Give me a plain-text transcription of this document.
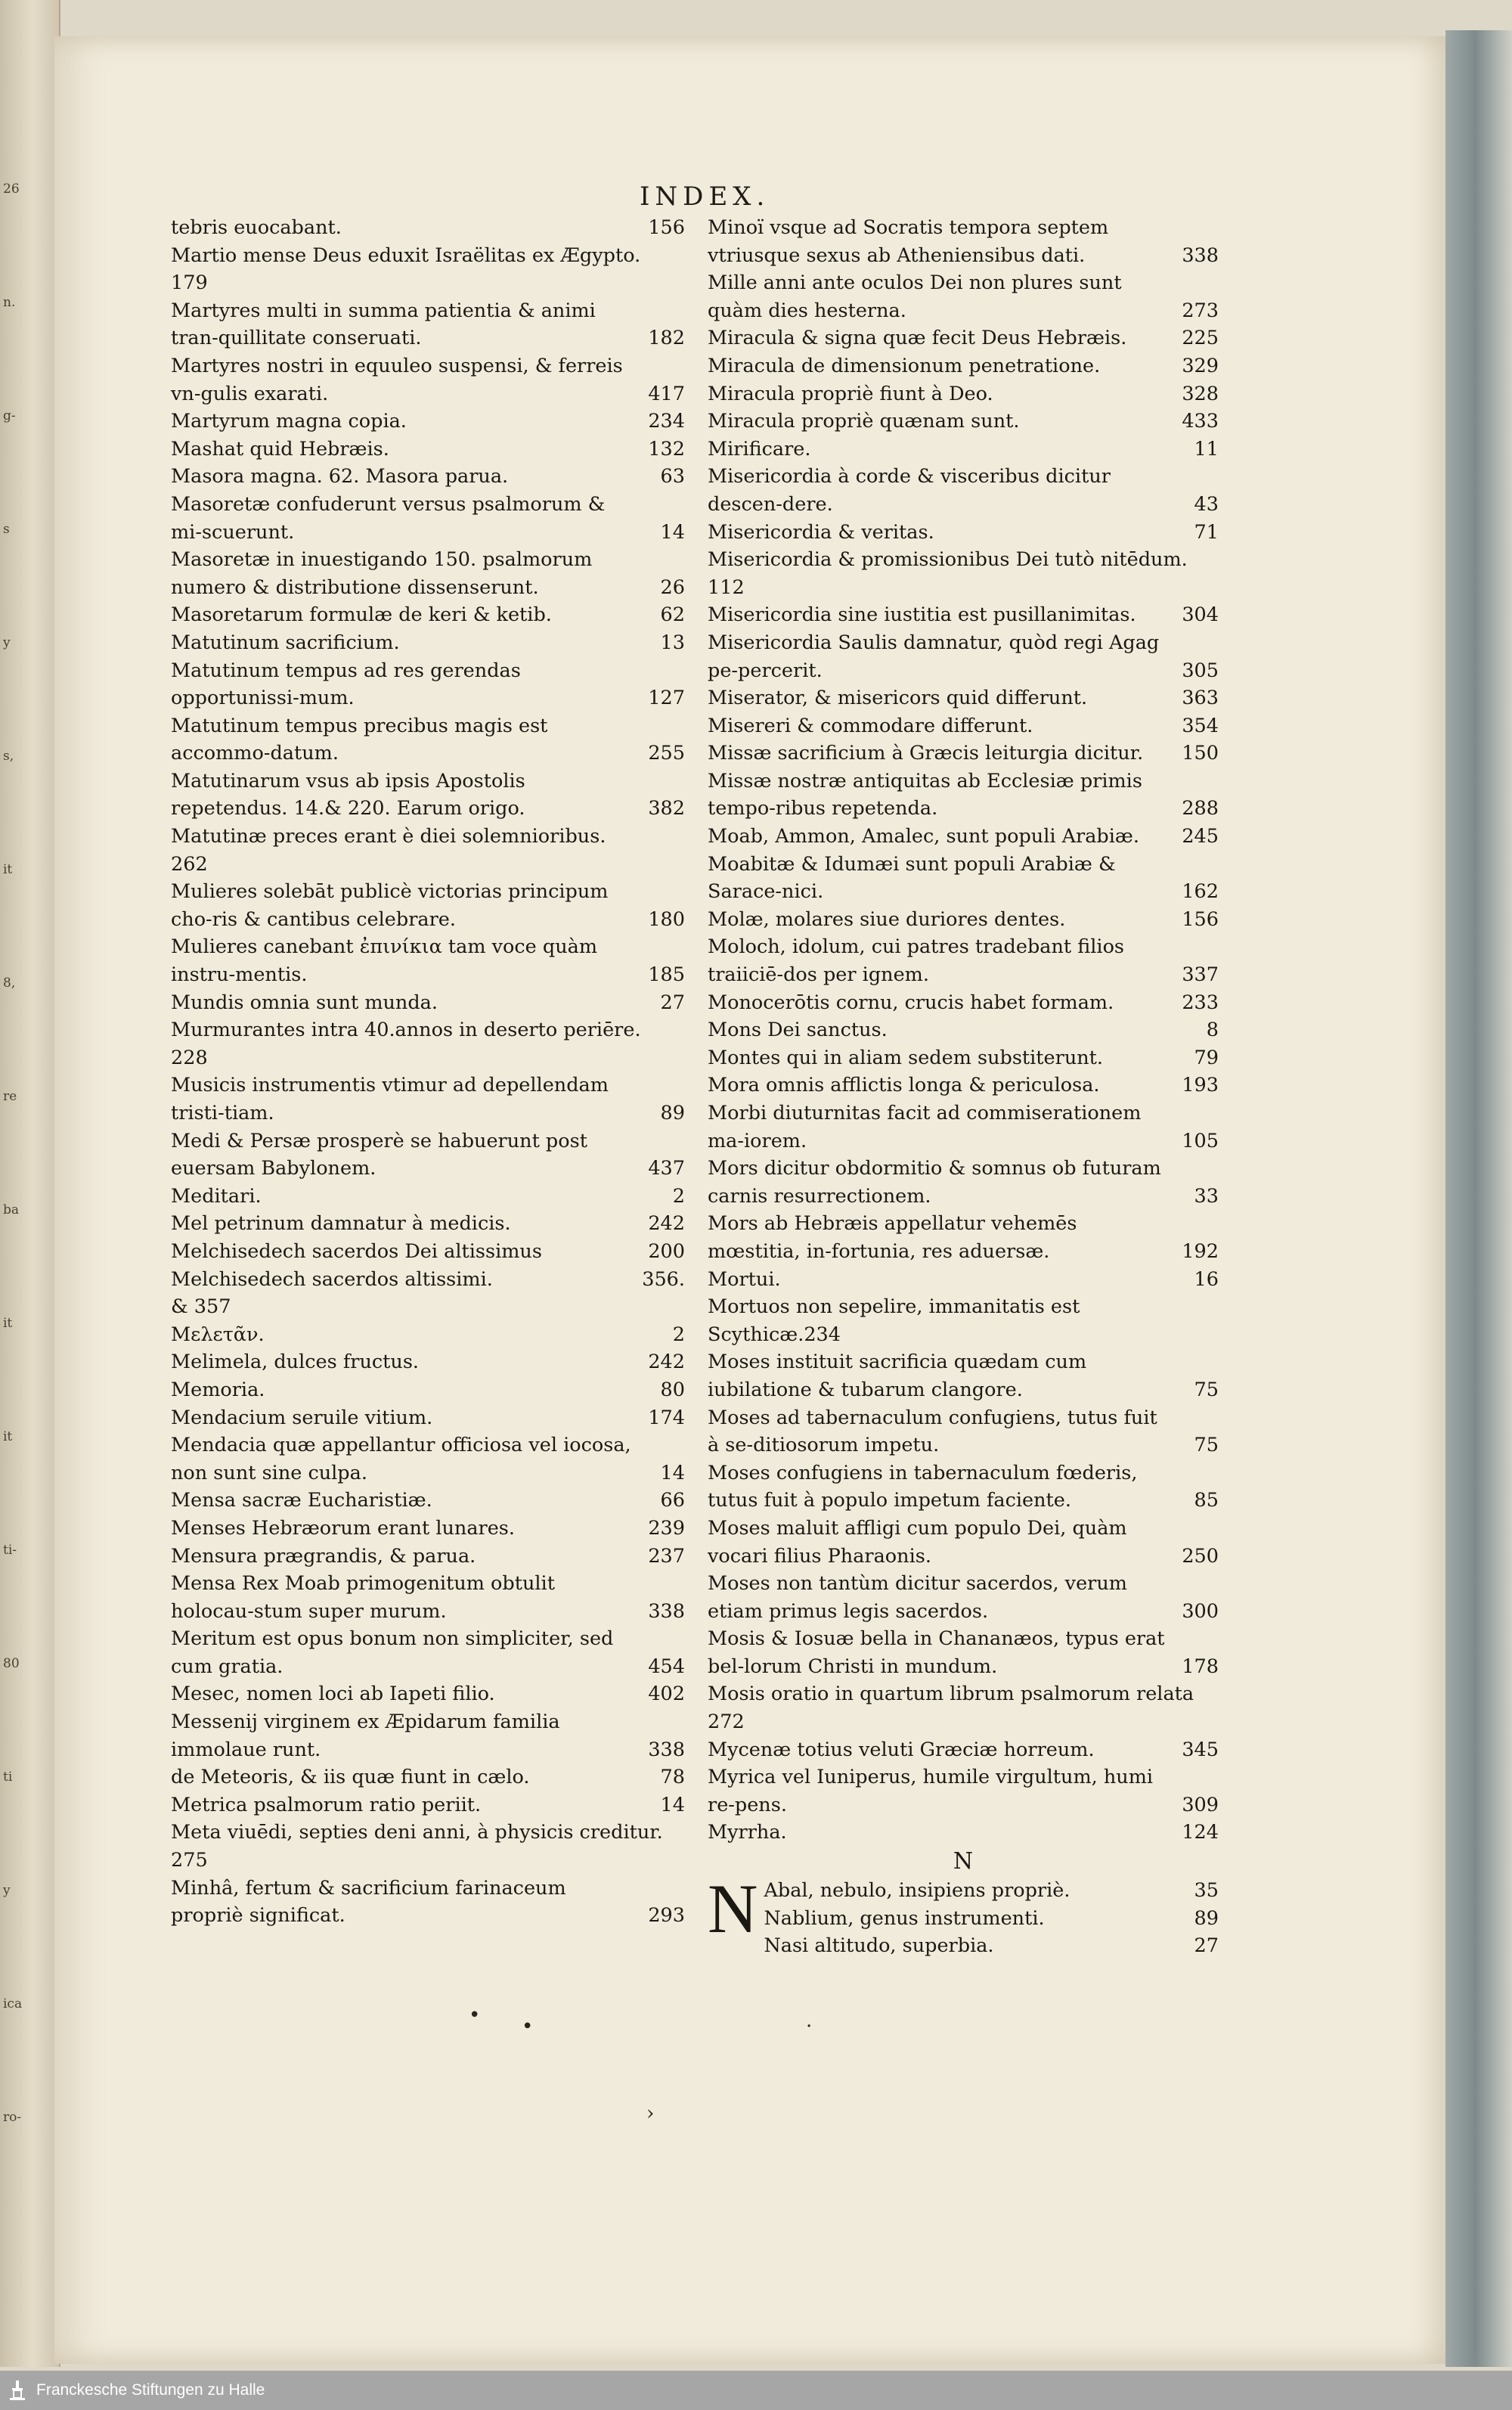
26
n.
g-
s
y
s,
it
8,
re
ba
it
it
ti-
80
ti
y
ica
ro-
INDEX.
tebris euocabant.	156
Martio mense Deus eduxit Israëlitas ex Ægypto.
179
Martyres multi in summa patientia & animi tran-quillitate conseruati.	182
Martyres nostri in equuleo suspensi, & ferreis vn-gulis exarati.	417
Martyrum magna copia.	234
Mashat quid Hebræis.	132
Masora magna. 62. Masora parua.	63
Masoretæ confuderunt versus psalmorum & mi-scuerunt.	14
Masoretæ in inuestigando 150. psalmorum numero & distributione dissenserunt.	26
Masoretarum formulæ de keri & ketib.	62
Matutinum sacrificium.	13
Matutinum tempus ad res gerendas opportunissi-mum.	127
Matutinum tempus precibus magis est accommo-datum.	255
Matutinarum vsus ab ipsis Apostolis repetendus. 14.& 220. Earum origo.	382
Matutinæ preces erant è diei solemnioribus.
262
Mulieres solebāt publicè victorias principum cho-ris & cantibus celebrare.	180
Mulieres canebant ἐπινίκια tam voce quàm instru-mentis.	185
Mundis omnia sunt munda.	27
Murmurantes intra 40.annos in deserto periēre.
228
Musicis instrumentis vtimur ad depellendam tristi-tiam.	89
Medi & Persæ prosperè se habuerunt post euersam Babylonem.	437
Meditari.	2
Mel petrinum damnatur à medicis.	242
Melchisedech sacerdos Dei altissimus	200
Melchisedech sacerdos altissimi.	356.
& 357
Μελετᾶν.	2
Melimela, dulces fructus.	242
Memoria.	80
Mendacium seruile vitium.	174
Mendacia quæ appellantur officiosa vel iocosa, non sunt sine culpa.	14
Mensa sacræ Eucharistiæ.	66
Menses Hebræorum erant lunares.	239
Mensura prægrandis, & parua.	237
Mensa Rex Moab primogenitum obtulit holocau-stum super murum.	338
Meritum est opus bonum non simpliciter, sed cum gratia.	454
Mesec, nomen loci ab Iapeti filio.	402
Messenij virginem ex Æpidarum familia immolaue runt.	338
de Meteoris, & iis quæ fiunt in cælo.	78
Metrica psalmorum ratio periit.	14
Meta viuēdi, septies deni anni, à physicis creditur.
275
Minhâ, fertum & sacrificium farinaceum propriè significat.	293
Minoï vsque ad Socratis tempora septem vtriusque sexus ab Atheniensibus dati.	338
Mille anni ante oculos Dei non plures sunt quàm dies hesterna.	273
Miracula & signa quæ fecit Deus Hebræis.	225
Miracula de dimensionum penetratione.	329
Miracula propriè fiunt à Deo.	328
Miracula propriè quænam sunt.	433
Mirificare.	11
Misericordia à corde & visceribus dicitur descen-dere.	43
Misericordia & veritas.	71
Misericordia & promissionibus Dei tutò nitēdum.
112
Misericordia sine iustitia est pusillanimitas.	304
Misericordia Saulis damnatur, quòd regi Agag pe-percerit.	305
Miserator, & misericors quid differunt.	363
Misereri & commodare differunt.	354
Missæ sacrificium à Græcis leiturgia dicitur.	150
Missæ nostræ antiquitas ab Ecclesiæ primis tempo-ribus repetenda.	288
Moab, Ammon, Amalec, sunt populi Arabiæ.	245
Moabitæ & Idumæi sunt populi Arabiæ & Sarace-nici.	162
Molæ, molares siue duriores dentes.	156
Moloch, idolum, cui patres tradebant filios traiiciē-dos per ignem.	337
Monocerōtis cornu, crucis habet formam.	233
Mons Dei sanctus.	8
Montes qui in aliam sedem substiterunt.	79
Mora omnis afflictis longa & periculosa.	193
Morbi diuturnitas facit ad commiserationem ma-iorem.	105
Mors dicitur obdormitio & somnus ob futuram carnis resurrectionem.	33
Mors ab Hebræis appellatur vehemēs mœstitia, in-fortunia, res aduersæ.	192
Mortui.	16
Mortuos non sepelire, immanitatis est Scythicæ.234
Moses instituit sacrificia quædam cum iubilatione & tubarum clangore.	75
Moses ad tabernaculum confugiens, tutus fuit à se-ditiosorum impetu.	75
Moses confugiens in tabernaculum fœderis, tutus fuit à populo impetum faciente.	85
Moses maluit affligi cum populo Dei, quàm vocari filius Pharaonis.	250
Moses non tantùm dicitur sacerdos, verum etiam primus legis sacerdos.	300
Mosis & Iosuæ bella in Chananæos, typus erat bel-lorum Christi in mundum.	178
Mosis oratio in quartum librum psalmorum relata
272
Mycenæ totius veluti Græciæ horreum.	345
Myrica vel Iuniperus, humile virgultum, humi re-pens.	309
Myrrha.	124
N
N Abal, nebulo, insipiens propriè.	35
Nablium, genus instrumenti.	89
Nasi altitudo, superbia.	27
• •	·
›
Franckesche Stiftungen zu Halle
